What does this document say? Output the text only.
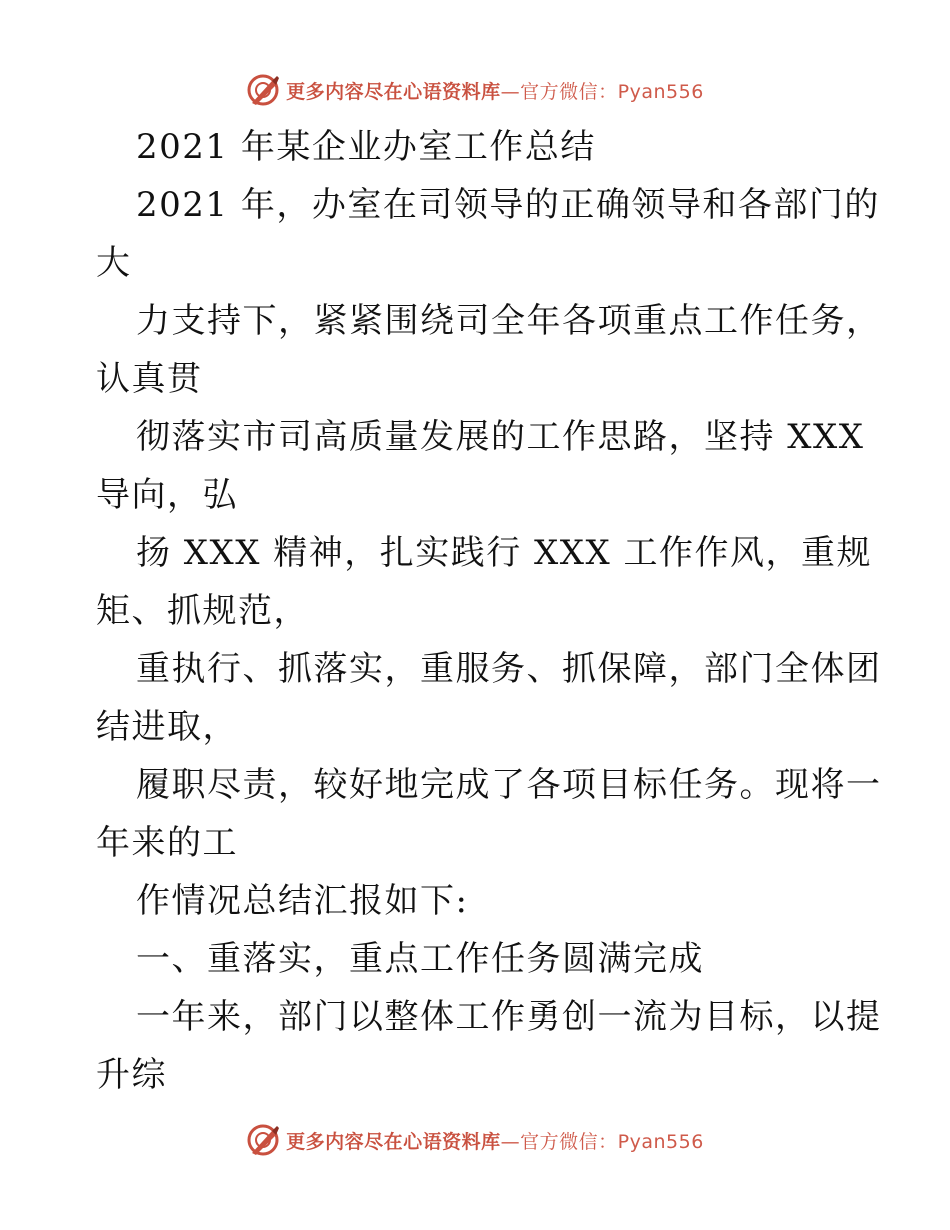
更多内容尽在心语资料库—官方微信：Pyan556
2021 年某企业办室工作总结
2021 年，办室在司领导的正确领导和各部门的
大
力支持下，紧紧围绕司全年各项重点工作任务，
认真贯
彻落实市司高质量发展的工作思路，坚持 XXX
导向，弘
扬 XXX 精神，扎实践行 XXX 工作作风，重规
矩、抓规范，
重执行、抓落实，重服务、抓保障，部门全体团
结进取，
履职尽责，较好地完成了各项目标任务。现将一
年来的工
作情况总结汇报如下:
一、重落实，重点工作任务圆满完成
一年来，部门以整体工作勇创一流为目标，以提
升综
更多内容尽在心语资料库—官方微信：Pyan556
